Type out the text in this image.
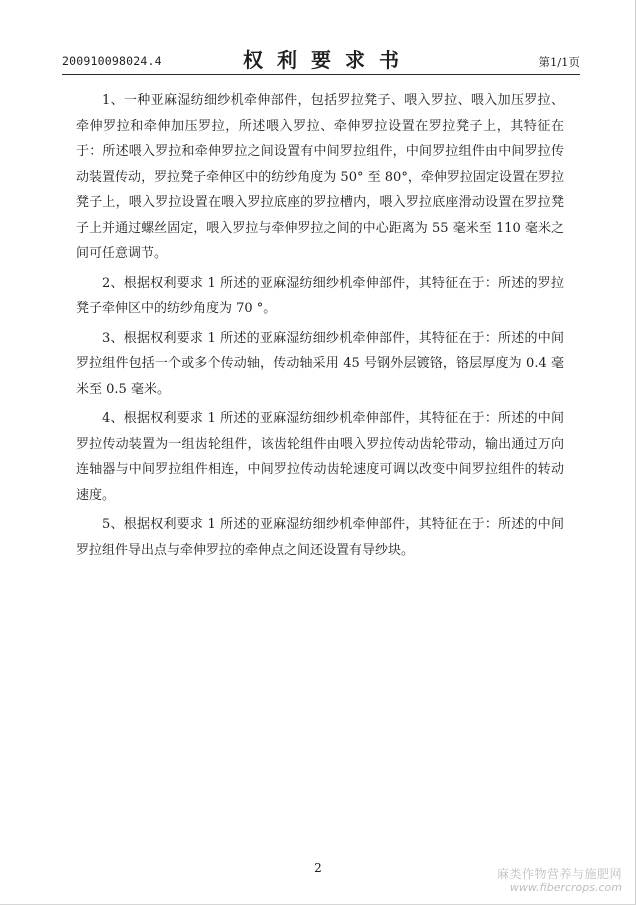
200910098024.4	权利要求书	第1/1页

1、一种亚麻湿纺细纱机牵伸部件，包括罗拉凳子、喂入罗拉、喂入加压罗拉、牵伸罗拉和牵伸加压罗拉，所述喂入罗拉、牵伸罗拉设置在罗拉凳子上，其特征在于：所述喂入罗拉和牵伸罗拉之间设置有中间罗拉组件，中间罗拉组件由中间罗拉传动装置传动，罗拉凳子牵伸区中的纺纱角度为 50° 至 80°，牵伸罗拉固定设置在罗拉凳子上，喂入罗拉设置在喂入罗拉底座的罗拉槽内，喂入罗拉底座滑动设置在罗拉凳子上并通过螺丝固定，喂入罗拉与牵伸罗拉之间的中心距离为 55 毫米至 110 毫米之间可任意调节。

2、根据权利要求 1 所述的亚麻湿纺细纱机牵伸部件，其特征在于：所述的罗拉凳子牵伸区中的纺纱角度为 70 °。

3、根据权利要求 1 所述的亚麻湿纺细纱机牵伸部件，其特征在于：所述的中间罗拉组件包括一个或多个传动轴，传动轴采用 45 号钢外层镀铬，铬层厚度为 0.4 毫米至 0.5 毫米。

4、根据权利要求 1 所述的亚麻湿纺细纱机牵伸部件，其特征在于：所述的中间罗拉传动装置为一组齿轮组件，该齿轮组件由喂入罗拉传动齿轮带动，输出通过万向连轴器与中间罗拉组件相连，中间罗拉传动齿轮速度可调以改变中间罗拉组件的转动速度。

5、根据权利要求 1 所述的亚麻湿纺细纱机牵伸部件，其特征在于：所述的中间罗拉组件导出点与牵伸罗拉的牵伸点之间还设置有导纱块。

2	麻类作物营养与施肥网
www.fibercrops.com
